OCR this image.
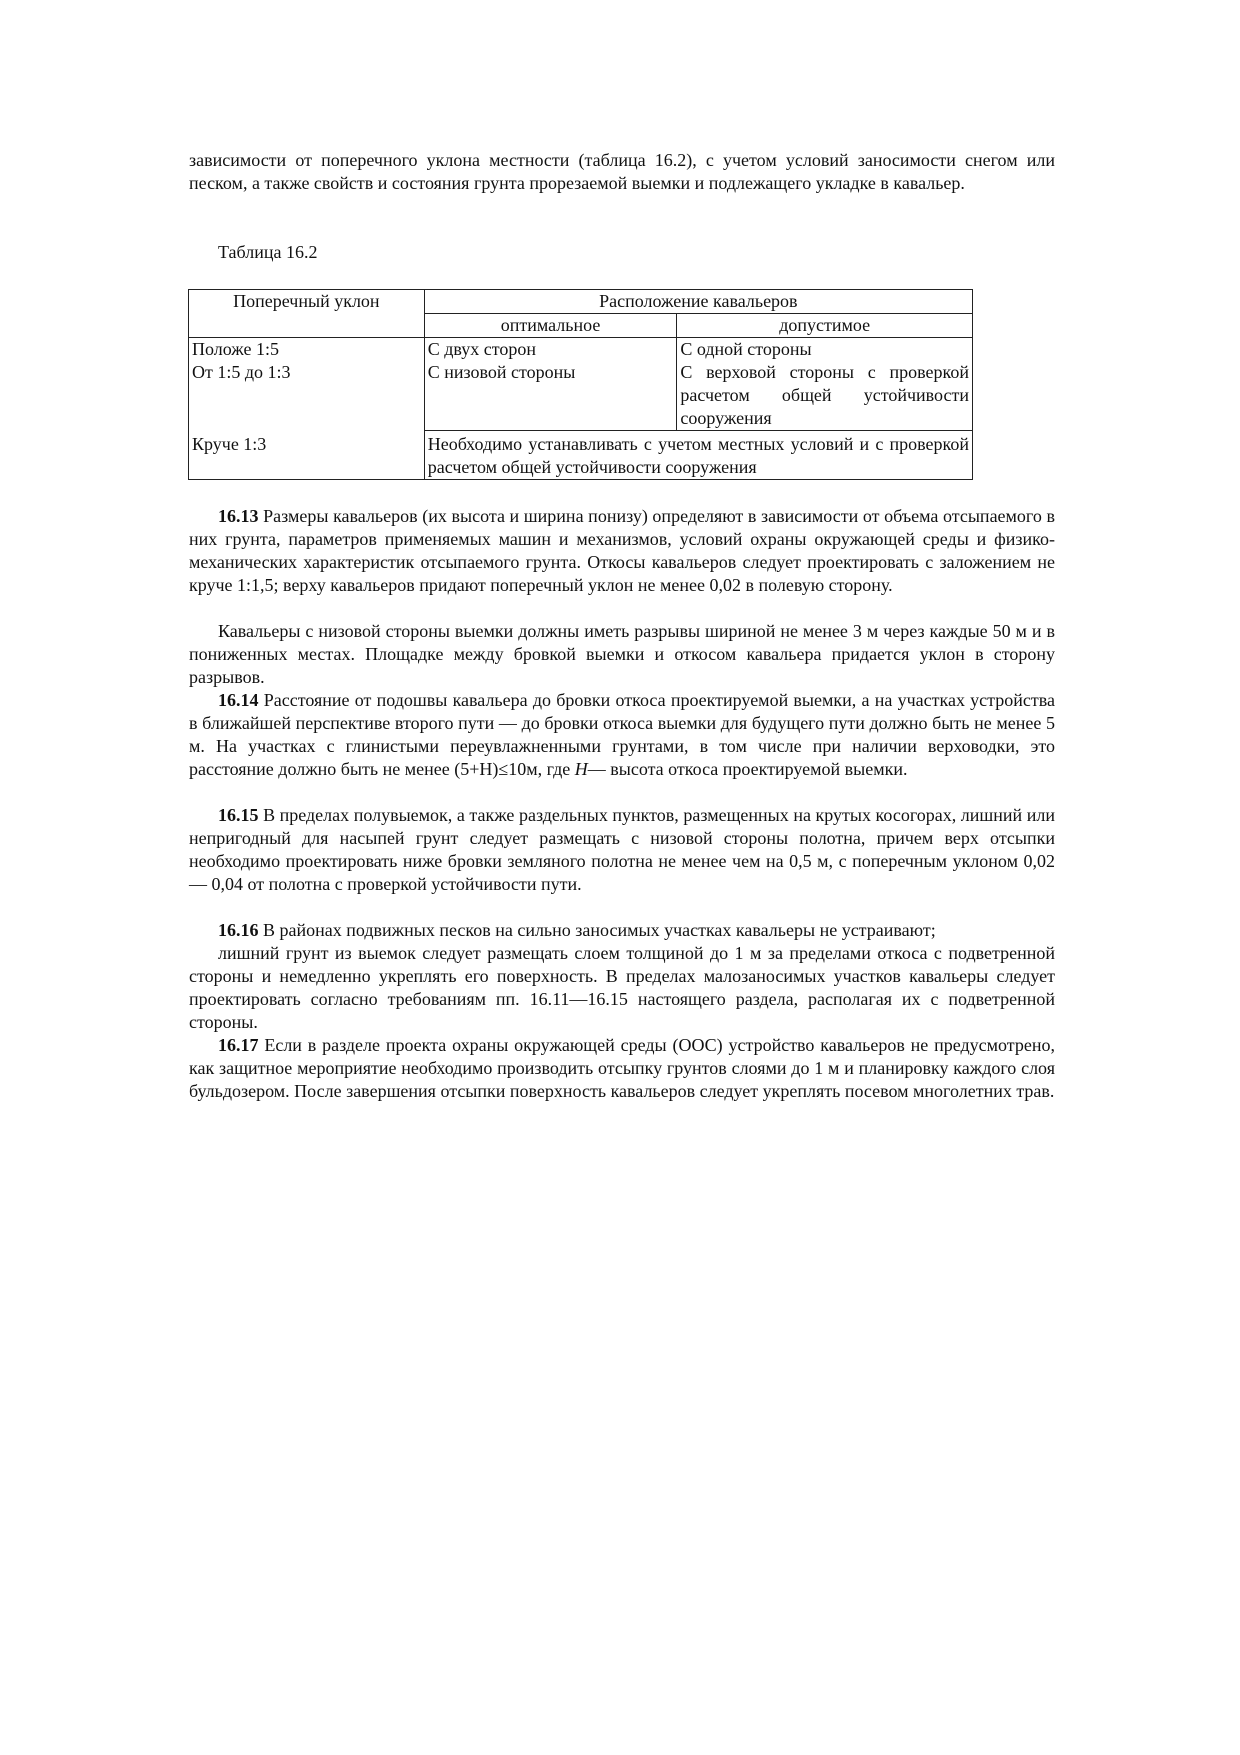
зависимости от поперечного уклона местности (таблица 16.2), с учетом условий заносимости снегом или песком, а также свойств и состояния грунта прорезаемой выемки и подлежащего укладке в кавальер.

Таблица 16.2
Поперечный уклон	Расположение кавальеров	
	оптимальное	допустимое
Положе 1:5	С двух сторон	С одной стороны
От 1:5 до 1:3	С низовой стороны	С верховой стороны с проверкой расчетом общей устойчивости сооружения
Круче 1:3	Необходимо устанавливать с учетом местных условий и с проверкой расчетом общей устойчивости сооружения	

16.13 Размеры кавальеров (их высота и ширина понизу) определяют в зависимости от объема отсыпаемого в них грунта, параметров применяемых машин и механизмов, условий охраны окружающей среды и физико-механических характеристик отсыпаемого грунта. Откосы кавальеров следует проектировать с заложением не круче 1:1,5; верху кавальеров придают поперечный уклон не менее 0,02 в полевую сторону.

Кавальеры с низовой стороны выемки должны иметь разрывы шириной не менее 3 м через каждые 50 м и в пониженных местах. Площадке между бровкой выемки и откосом кавальера придается уклон в сторону разрывов.

16.14 Расстояние от подошвы кавальера до бровки откоса проектируемой выемки, а на участках устройства в ближайшей перспективе второго пути — до бровки откоса выемки для будущего пути должно быть не менее 5 м. На участках с глинистыми переувлажненными грунтами, в том числе при наличии верховодки, это расстояние должно быть не менее (5+Н)≤10м, где Н— высота откоса проектируемой выемки.

16.15 В пределах полувыемок, а также раздельных пунктов, размещенных на крутых косогорах, лишний или непригодный для насыпей грунт следует размещать с низовой стороны полотна, причем верх отсыпки необходимо проектировать ниже бровки земляного полотна не менее чем на 0,5 м, с поперечным уклоном 0,02— 0,04 от полотна с проверкой устойчивости пути.

16.16 В районах подвижных песков на сильно заносимых участках кавальеры не устраивают;

лишний грунт из выемок следует размещать слоем толщиной до 1 м за пределами откоса с подветренной стороны и немедленно укреплять его поверхность. В пределах малозаносимых участков кавальеры следует проектировать согласно требованиям пп. 16.11—16.15 настоящего раздела, располагая их с подветренной стороны.

16.17 Если в разделе проекта охраны окружающей среды (ООС) устройство кавальеров не предусмотрено, как защитное мероприятие необходимо производить отсыпку грунтов слоями до 1 м и планировку каждого слоя бульдозером. После завершения отсыпки поверхность кавальеров следует укреплять посевом многолетних трав.
